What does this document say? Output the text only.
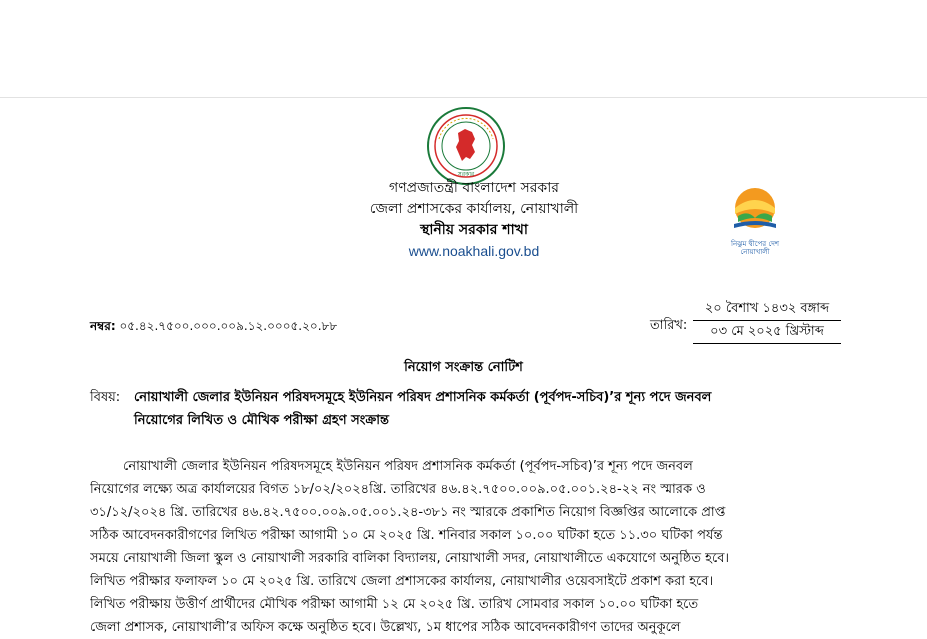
সরকার
গণপ্রজাতন্ত্রী বাংলাদেশ সরকার
জেলা প্রশাসকের কার্যালয়, নোয়াখালী
স্থানীয় সরকার শাখা
www.noakhali.gov.bd	নিঝুম দ্বীপের দেশ
নোয়াখালী
নম্বর: ০৫.৪২.৭৫০০.০০০.০০৯.১২.০০০৫.২০.৮৮	তারিখ:
২০ বৈশাখ ১৪৩২ বঙ্গাব্দ
০৩ মে ২০২৫ খ্রিস্টাব্দ
নিয়োগ সংক্রান্ত নোটিশ
বিষয়: নোয়াখালী জেলার ইউনিয়ন পরিষদসমূহে ইউনিয়ন পরিষদ প্রশাসনিক কর্মকর্তা (পূর্বপদ-সচিব)’র শূন্য পদে জনবল
নিয়োগের লিখিত ও মৌখিক পরীক্ষা গ্রহণ সংক্রান্ত
নোয়াখালী জেলার ইউনিয়ন পরিষদসমূহে ইউনিয়ন পরিষদ প্রশাসনিক কর্মকর্তা (পূর্বপদ-সচিব)’র শূন্য পদে জনবল
নিয়োগের লক্ষ্যে অত্র কার্যালয়ের বিগত ১৮/০২/২০২৪খ্রি. তারিখের ৪৬.৪২.৭৫০০.০০৯.০৫.০০১.২৪-২২ নং স্মারক ও
৩১/১২/২০২৪ খ্রি. তারিখের ৪৬.৪২.৭৫০০.০০৯.০৫.০০১.২৪-৩৮১ নং স্মারকে প্রকাশিত নিয়োগ বিজ্ঞপ্তির আলোকে প্রাপ্ত
সঠিক আবেদনকারীগণের লিখিত পরীক্ষা আগামী ১০ মে ২০২৫ খ্রি. শনিবার সকাল ১০.০০ ঘটিকা হতে ১১.৩০ ঘটিকা পর্যন্ত
সময়ে নোয়াখালী জিলা স্কুল ও নোয়াখালী সরকারি বালিকা বিদ্যালয়, নোয়াখালী সদর, নোয়াখালীতে একযোগে অনুষ্ঠিত হবে।
লিখিত পরীক্ষার ফলাফল ১০ মে ২০২৫ খ্রি. তারিখে জেলা প্রশাসকের কার্যালয়, নোয়াখালীর ওয়েবসাইটে প্রকাশ করা হবে।
লিখিত পরীক্ষায় উত্তীর্ণ প্রার্থীদের মৌখিক পরীক্ষা আগামী ১২ মে ২০২৫ খ্রি. তারিখ সোমবার সকাল ১০.০০ ঘটিকা হতে
জেলা প্রশাসক, নোয়াখালী’র অফিস কক্ষে অনুষ্ঠিত হবে। উল্লেখ্য, ১ম ধাপের সঠিক আবেদনকারীগণ তাদের অনুকূলে
